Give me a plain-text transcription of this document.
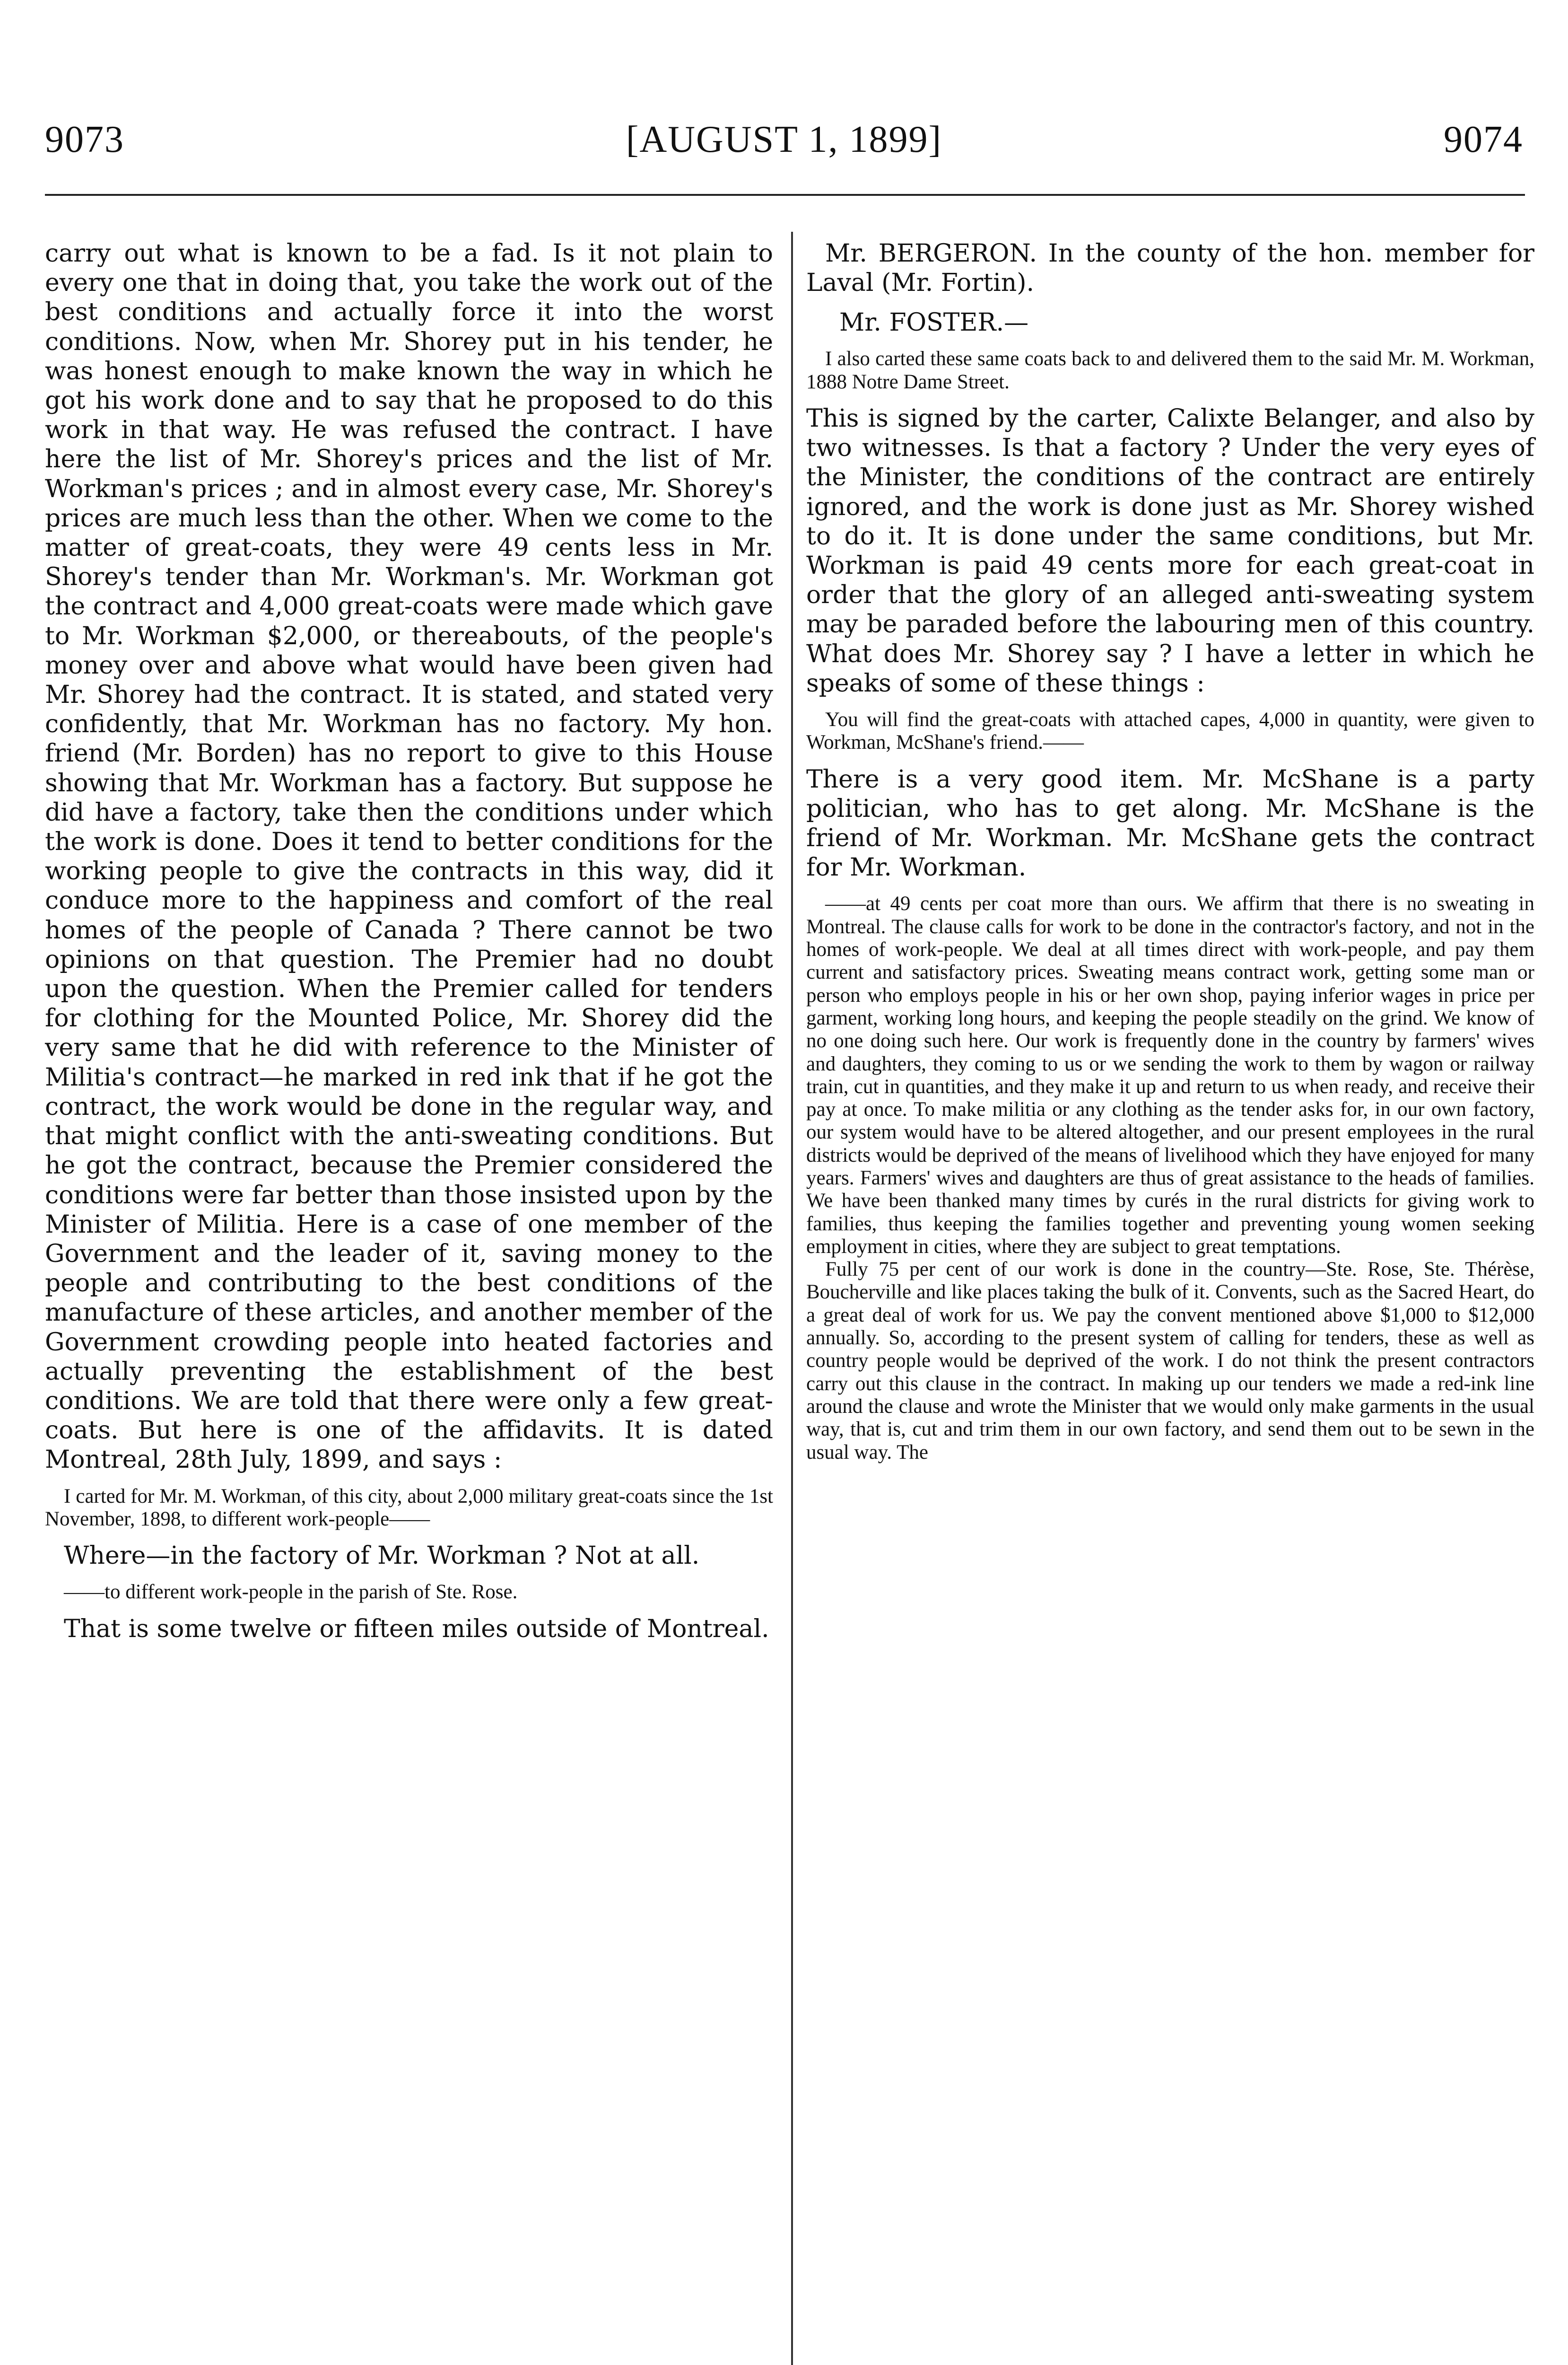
9073	[AUGUST 1, 1899]	9074

carry out what is known to be a fad. Is it not plain to every one that in doing that, you take the work out of the best conditions and actually force it into the worst conditions. Now, when Mr. Shorey put in his tender, he was honest enough to make known the way in which he got his work done and to say that he proposed to do this work in that way. He was refused the contract. I have here the list of Mr. Shorey's prices and the list of Mr. Workman's prices ; and in almost every case, Mr. Shorey's prices are much less than the other. When we come to the matter of great-coats, they were 49 cents less in Mr. Shorey's tender than Mr. Workman's. Mr. Workman got the contract and 4,000 great-coats were made which gave to Mr. Workman $2,000, or thereabouts, of the people's money over and above what would have been given had Mr. Shorey had the contract. It is stated, and stated very confidently, that Mr. Workman has no factory. My hon. friend (Mr. Borden) has no report to give to this House showing that Mr. Workman has a factory. But suppose he did have a factory, take then the conditions under which the work is done. Does it tend to better conditions for the working people to give the contracts in this way, did it conduce more to the happiness and comfort of the real homes of the people of Canada ? There cannot be two opinions on that question. The Premier had no doubt upon the question. When the Premier called for tenders for clothing for the Mounted Police, Mr. Shorey did the very same that he did with reference to the Minister of Militia's contract—he marked in red ink that if he got the contract, the work would be done in the regular way, and that might conflict with the anti-sweating conditions. But he got the contract, because the Premier considered the conditions were far better than those insisted upon by the Minister of Militia. Here is a case of one member of the Government and the leader of it, saving money to the people and contributing to the best conditions of the manufacture of these articles, and another member of the Government crowding people into heated factories and actually preventing the establishment of the best conditions. We are told that there were only a few great-coats. But here is one of the affidavits. It is dated Montreal, 28th July, 1899, and says :

I carted for Mr. M. Workman, of this city, about 2,000 military great-coats since the 1st November, 1898, to different work-people——

Where—in the factory of Mr. Workman ? Not at all.

——to different work-people in the parish of Ste. Rose.

That is some twelve or fifteen miles outside of Montreal.

Mr. BERGERON. In the county of the hon. member for Laval (Mr. Fortin).

Mr. FOSTER.—

I also carted these same coats back to and delivered them to the said Mr. M. Workman, 1888 Notre Dame Street.

This is signed by the carter, Calixte Belanger, and also by two witnesses. Is that a factory ? Under the very eyes of the Minister, the conditions of the contract are entirely ignored, and the work is done just as Mr. Shorey wished to do it. It is done under the same conditions, but Mr. Workman is paid 49 cents more for each great-coat in order that the glory of an alleged anti-sweating system may be paraded before the labouring men of this country. What does Mr. Shorey say ? I have a letter in which he speaks of some of these things :

You will find the great-coats with attached capes, 4,000 in quantity, were given to Workman, McShane's friend.——

There is a very good item. Mr. McShane is a party politician, who has to get along. Mr. McShane is the friend of Mr. Workman. Mr. McShane gets the contract for Mr. Workman.

——at 49 cents per coat more than ours. We affirm that there is no sweating in Montreal. The clause calls for work to be done in the contractor's factory, and not in the homes of work-people. We deal at all times direct with work-people, and pay them current and satisfactory prices. Sweating means contract work, getting some man or person who employs people in his or her own shop, paying inferior wages in price per garment, working long hours, and keeping the people steadily on the grind. We know of no one doing such here. Our work is frequently done in the country by farmers' wives and daughters, they coming to us or we sending the work to them by wagon or railway train, cut in quantities, and they make it up and return to us when ready, and receive their pay at once. To make militia or any clothing as the tender asks for, in our own factory, our system would have to be altered altogether, and our present employees in the rural districts would be deprived of the means of livelihood which they have enjoyed for many years. Farmers' wives and daughters are thus of great assistance to the heads of families. We have been thanked many times by curés in the rural districts for giving work to families, thus keeping the families together and preventing young women seeking employment in cities, where they are subject to great temptations.

Fully 75 per cent of our work is done in the country—Ste. Rose, Ste. Thérèse, Boucherville and like places taking the bulk of it. Convents, such as the Sacred Heart, do a great deal of work for us. We pay the convent mentioned above $1,000 to $12,000 annually. So, according to the present system of calling for tenders, these as well as country people would be deprived of the work. I do not think the present contractors carry out this clause in the contract. In making up our tenders we made a red-ink line around the clause and wrote the Minister that we would only make garments in the usual way, that is, cut and trim them in our own factory, and send them out to be sewn in the usual way. The
